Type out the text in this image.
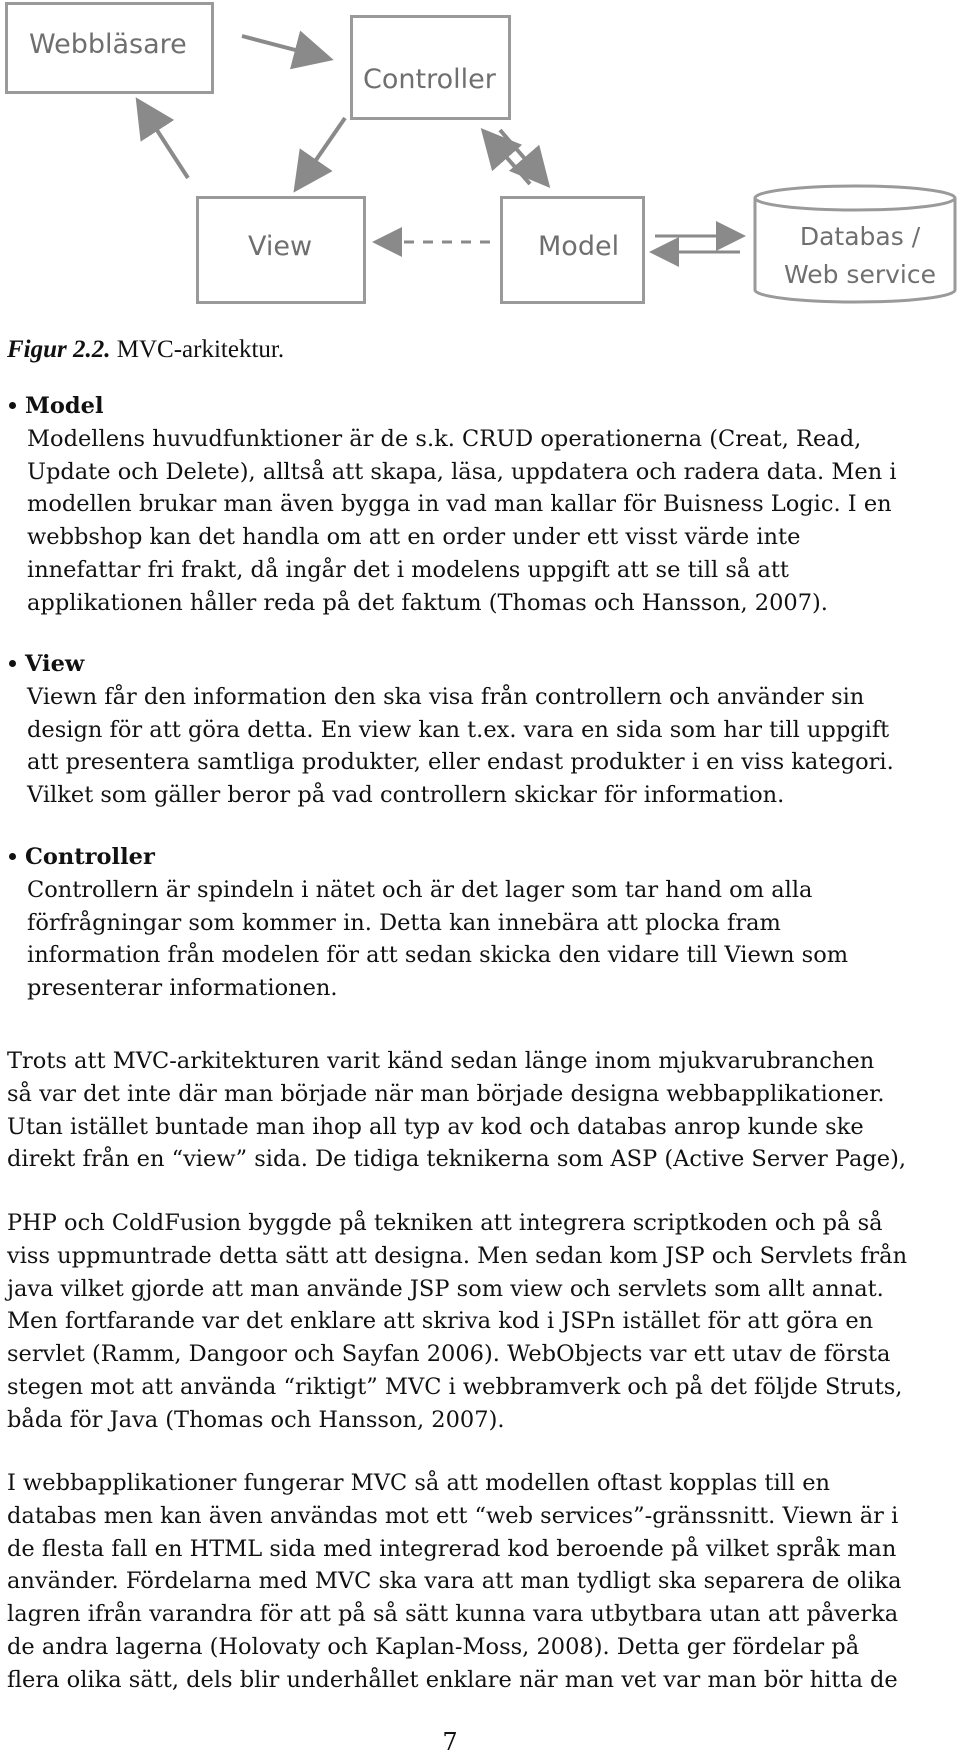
Webbläsare
Controller
View	Model	Databas /
Web service
Figur 2.2. MVC-arkitektur.
Model
Modellens huvudfunktioner är de s.k. CRUD operationerna (Creat, Read,
Update och Delete), alltså att skapa, läsa, uppdatera och radera data. Men i
modellen brukar man även bygga in vad man kallar för Buisness Logic. I en
webbshop kan det handla om att en order under ett visst värde inte
innefattar fri frakt, då ingår det i modelens uppgift att se till så att
applikationen håller reda på det faktum (Thomas och Hansson, 2007).
View
Viewn får den information den ska visa från controllern och använder sin
design för att göra detta. En view kan t.ex. vara en sida som har till uppgift
att presentera samtliga produkter, eller endast produkter i en viss kategori.
Vilket som gäller beror på vad controllern skickar för information.
Controller
Controllern är spindeln i nätet och är det lager som tar hand om alla
förfrågningar som kommer in. Detta kan innebära att plocka fram
information från modelen för att sedan skicka den vidare till Viewn som
presenterar informationen.
Trots att MVC-arkitekturen varit känd sedan länge inom mjukvarubranchen
så var det inte där man började när man började designa webbapplikationer.
Utan istället buntade man ihop all typ av kod och databas anrop kunde ske
direkt från en “view” sida. De tidiga teknikerna som ASP (Active Server Page),
PHP och ColdFusion byggde på tekniken att integrera scriptkoden och på så
viss uppmuntrade detta sätt att designa. Men sedan kom JSP och Servlets från
java vilket gjorde att man använde JSP som view och servlets som allt annat.
Men fortfarande var det enklare att skriva kod i JSPn istället för att göra en
servlet (Ramm, Dangoor och Sayfan 2006). WebObjects var ett utav de första
stegen mot att använda “riktigt” MVC i webbramverk och på det följde Struts,
båda för Java (Thomas och Hansson, 2007).
I webbapplikationer fungerar MVC så att modellen oftast kopplas till en
databas men kan även användas mot ett “web services”-gränssnitt. Viewn är i
de flesta fall en HTML sida med integrerad kod beroende på vilket språk man
använder. Fördelarna med MVC ska vara att man tydligt ska separera de olika
lagren ifrån varandra för att på så sätt kunna vara utbytbara utan att påverka
de andra lagerna (Holovaty och Kaplan-Moss, 2008). Detta ger fördelar på
flera olika sätt, dels blir underhållet enklare när man vet var man bör hitta de
7
